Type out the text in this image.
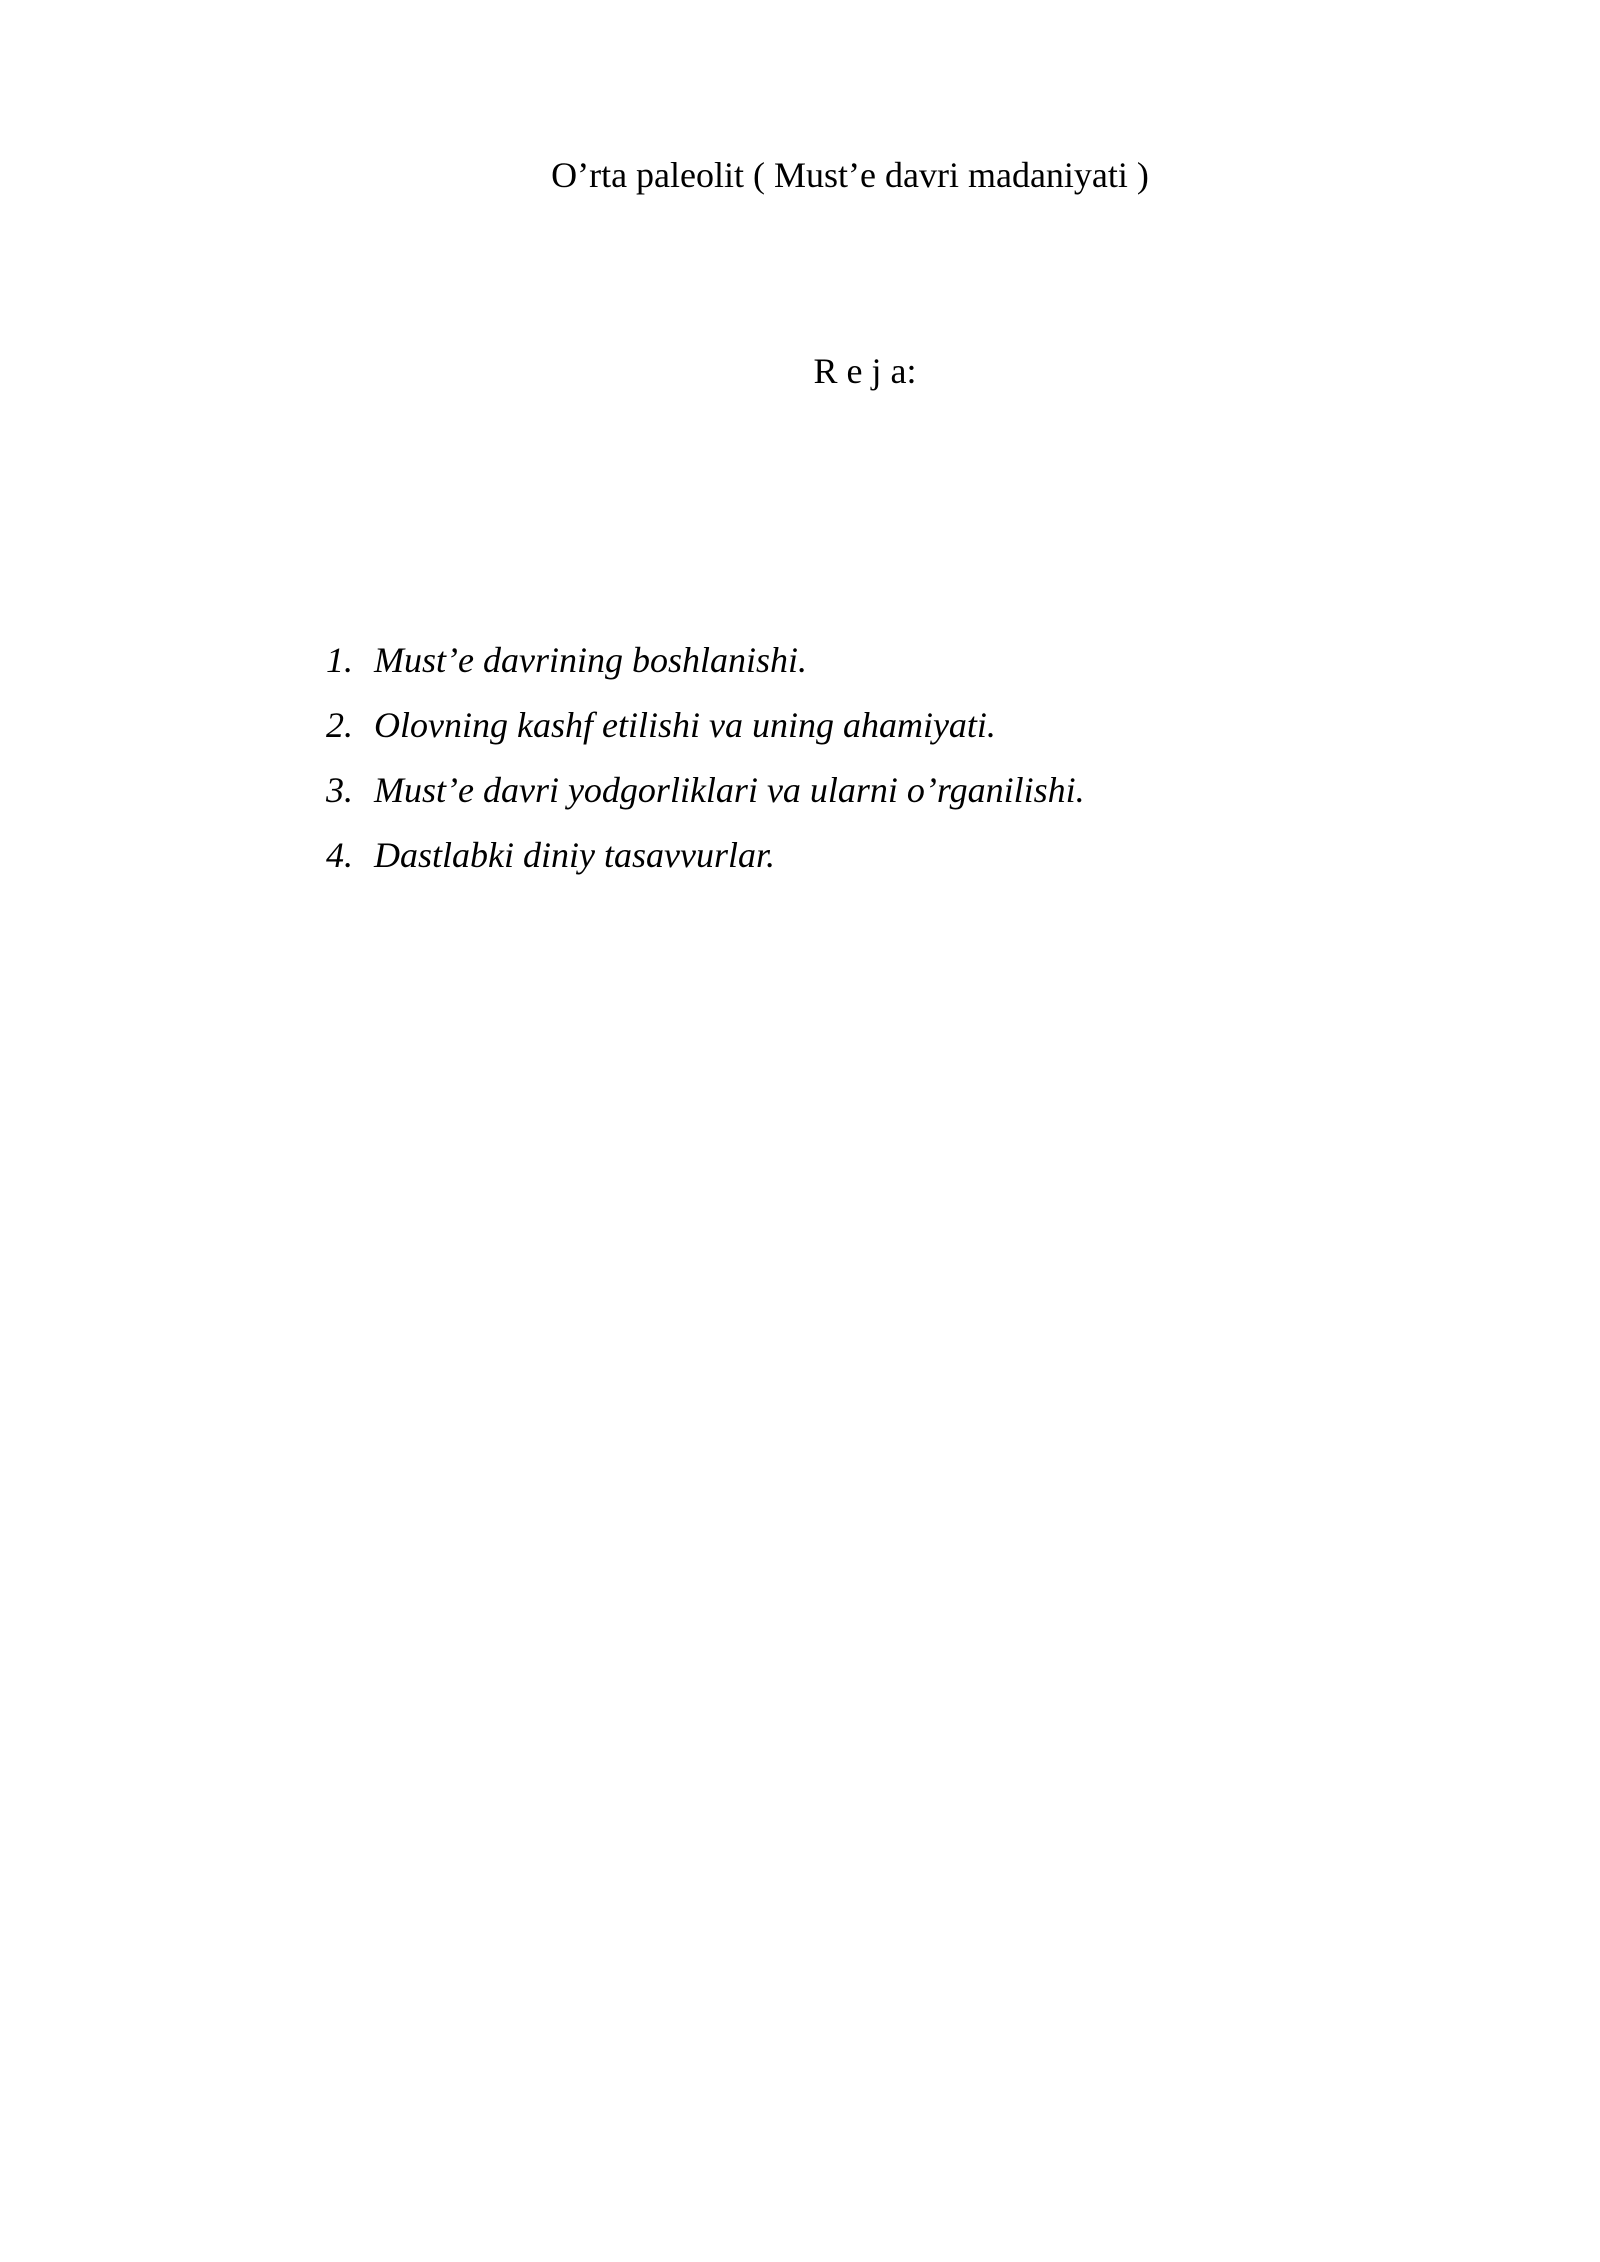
O’rta paleolit ( Must’e davri madaniyati )
R e j a:
1. Must’e davrining boshlanishi.
2. Olovning kashf etilishi va uning ahamiyati.
3. Must’e davri yodgorliklari va ularni o’rganilishi.
4. Dastlabki diniy tasavvurlar.
